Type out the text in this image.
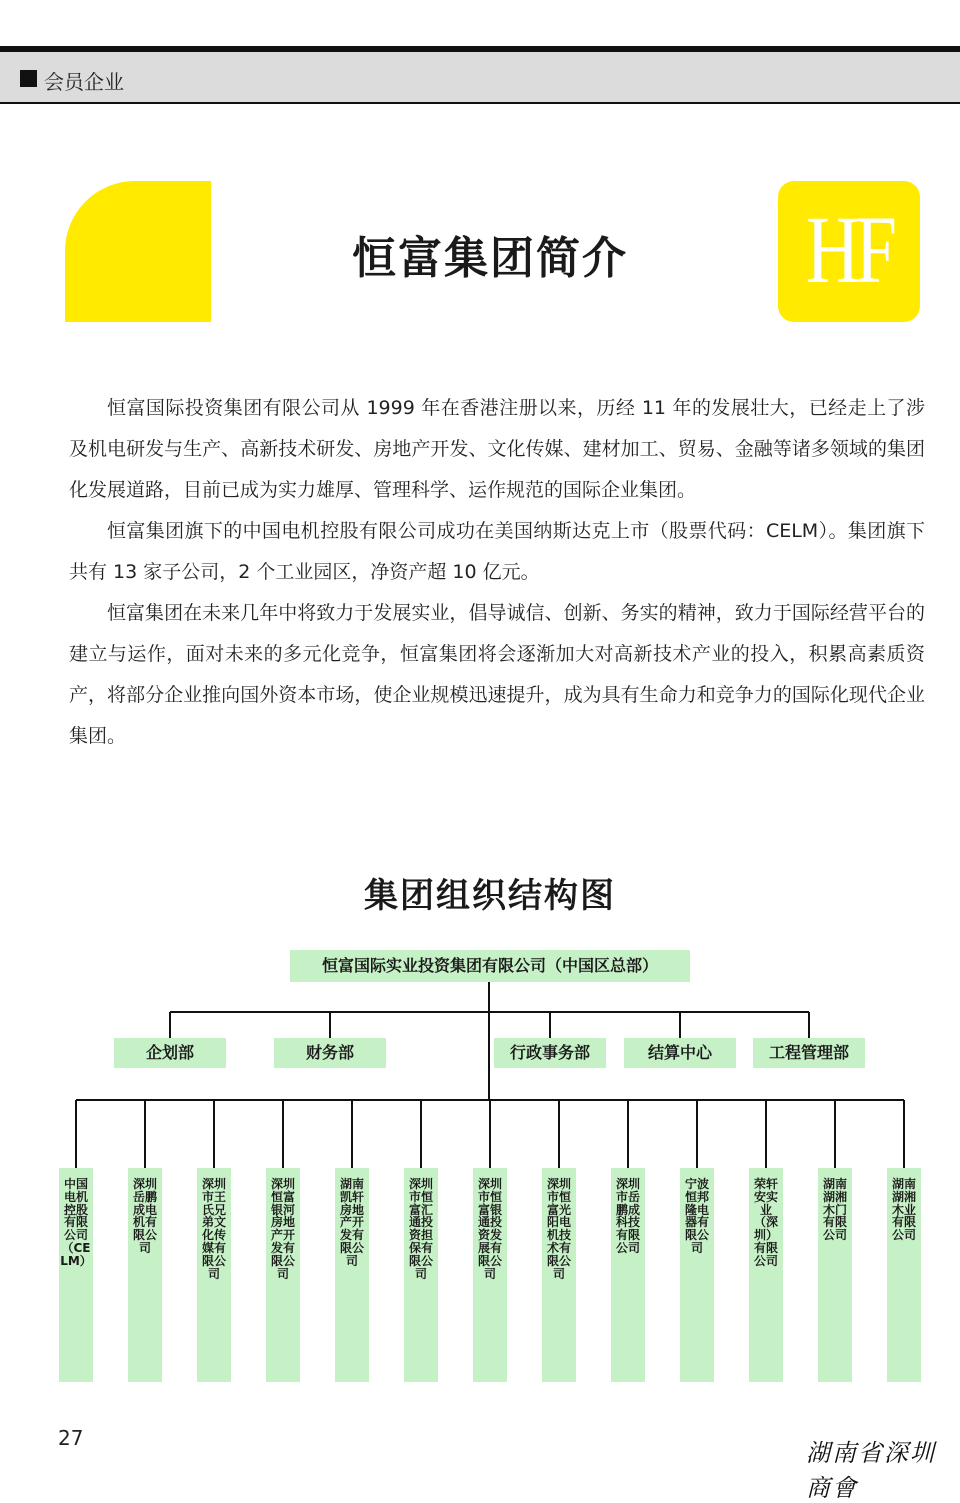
会员企业
恒富集团简介	HF

恒富国际投资集团有限公司从 1999 年在香港注册以来，历经 11 年的发展壮大，已经走上了涉及机电研发与生产、高新技术研发、房地产开发、文化传媒、建材加工、贸易、金融等诸多领域的集团化发展道路，目前已成为实力雄厚、管理科学、运作规范的国际企业集团。

恒富集团旗下的中国电机控股有限公司成功在美国纳斯达克上市（股票代码：CELM）。集团旗下共有 13 家子公司，2 个工业园区，净资产超 10 亿元。

恒富集团在未来几年中将致力于发展实业，倡导诚信、创新、务实的精神，致力于国际经营平台的建立与运作，面对未来的多元化竞争，恒富集团将会逐渐加大对高新技术产业的投入，积累高素质资产，将部分企业推向国外资本市场，使企业规模迅速提升，成为具有生命力和竞争力的国际化现代企业集团。

集团组织结构图
恒富国际实业投资集团有限公司（中国区总部）
企划部	财务部	行政事务部	结算中心	工程管理部
中国电机控股有限公司（CELM）
深圳岳鹏成电机有限公司
深圳市王氏兄弟文化传媒有限公司
深圳恒富银河房地产开发有限公司
湖南凯轩房地产开发有限公司
深圳市恒富汇通投资担保有限公司
深圳市恒富银通投资发展有限公司
深圳市恒富光阳电机技术有限公司
深圳市岳鹏成科技有限公司
宁波恒邦隆电器有限公司
荣轩安实业（深圳）有限公司
湖南湖湘木门有限公司
湖南湖湘木业有限公司
27
湖南省深圳商會
